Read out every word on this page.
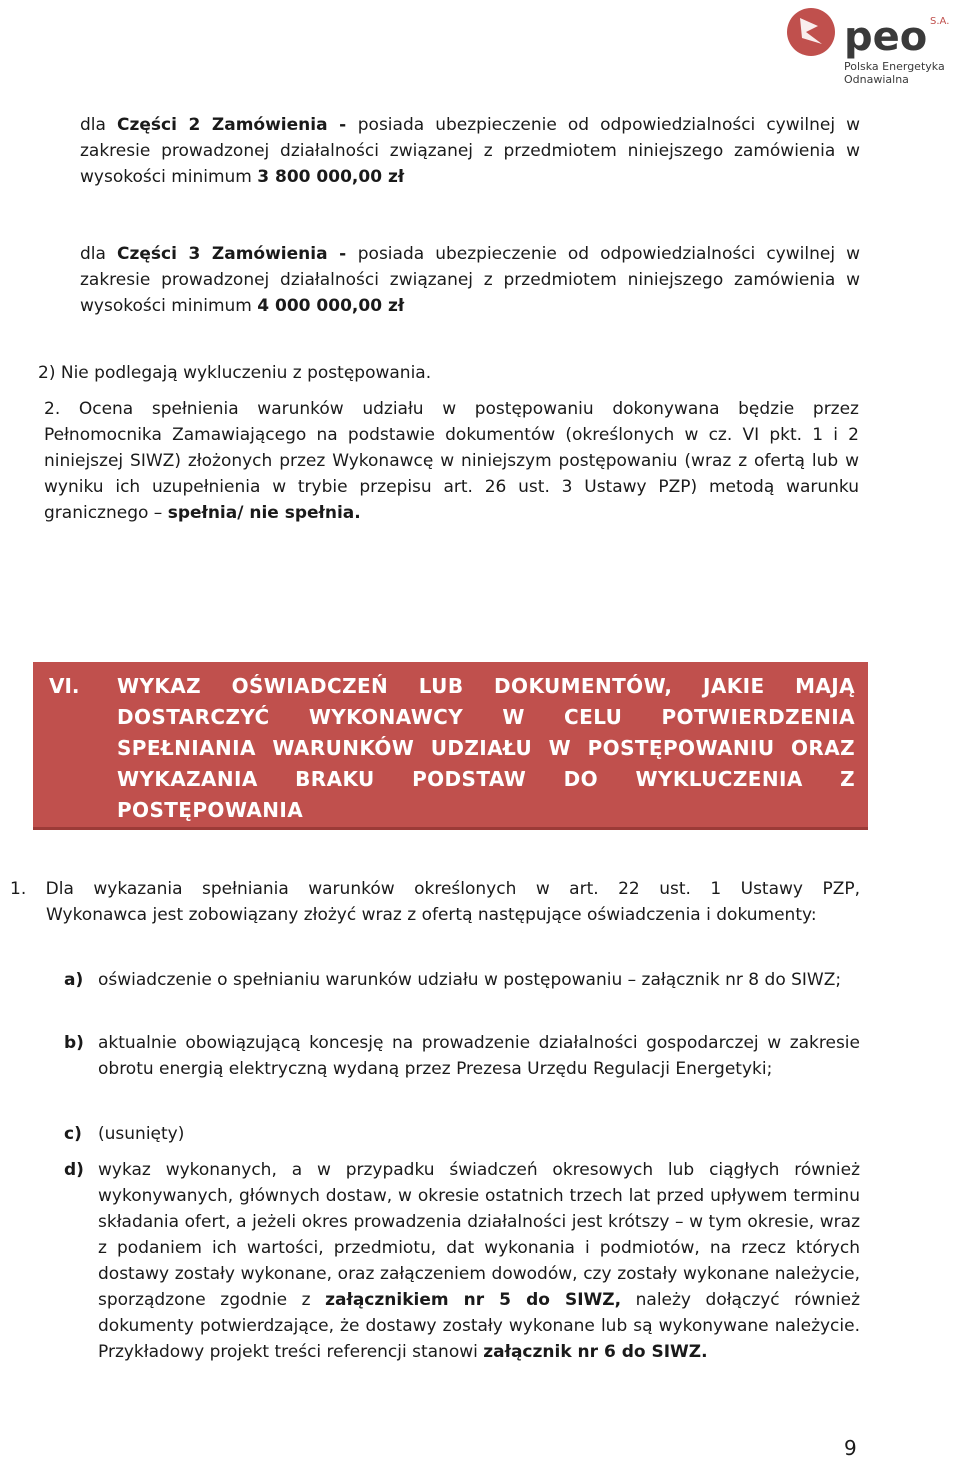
peo S.A.
Polska Energetyka
Odnawialna

dla Części 2 Zamówienia - posiada ubezpieczenie od odpowiedzialności cywilnej w zakresie prowadzonej działalności związanej z przedmiotem niniejszego zamówienia w wysokości minimum 3 800 000,00 zł

dla Części 3 Zamówienia - posiada ubezpieczenie od odpowiedzialności cywilnej w zakresie prowadzonej działalności związanej z przedmiotem niniejszego zamówienia w wysokości minimum 4 000 000,00 zł

2) Nie podlegają wykluczeniu z postępowania.

2. Ocena spełnienia warunków udziału w postępowaniu dokonywana będzie przez Pełnomocnika Zamawiającego na podstawie dokumentów (określonych w cz. VI pkt. 1 i 2 niniejszej SIWZ) złożonych przez Wykonawcę w niniejszym postępowaniu (wraz z ofertą lub w wyniku ich uzupełnienia w trybie przepisu art. 26 ust. 3 Ustawy PZP) metodą warunku granicznego – spełnia/ nie spełnia.

VI. WYKAZ OŚWIADCZEŃ LUB DOKUMENTÓW, JAKIE MAJĄ DOSTARCZYĆ WYKONAWCY W CELU POTWIERDZENIA SPEŁNIANIA WARUNKÓW UDZIAŁU W POSTĘPOWANIU ORAZ WYKAZANIA BRAKU PODSTAW DO WYKLUCZENIA Z POSTĘPOWANIA
1. Dla wykazania spełniania warunków określonych w art. 22 ust. 1 Ustawy PZP,
Wykonawca jest zobowiązany złożyć wraz z ofertą następujące oświadczenia i dokumenty:
a) oświadczenie o spełnianiu warunków udziału w postępowaniu – załącznik nr 8 do SIWZ;
b) aktualnie obowiązującą koncesję na prowadzenie działalności gospodarczej w zakresie obrotu energią elektryczną wydaną przez Prezesa Urzędu Regulacji Energetyki;
c) (usunięty)
d) wykaz wykonanych, a w przypadku świadczeń okresowych lub ciągłych również wykonywanych, głównych dostaw, w okresie ostatnich trzech lat przed upływem terminu składania ofert, a jeżeli okres prowadzenia działalności jest krótszy – w tym okresie, wraz z podaniem ich wartości, przedmiotu, dat wykonania i podmiotów, na rzecz których dostawy zostały wykonane, oraz załączeniem dowodów, czy zostały wykonane należycie, sporządzone zgodnie z załącznikiem nr 5 do SIWZ, należy dołączyć również dokumenty potwierdzające, że dostawy zostały wykonane lub są wykonywane należycie. Przykładowy projekt treści referencji stanowi załącznik nr 6 do SIWZ.
9
